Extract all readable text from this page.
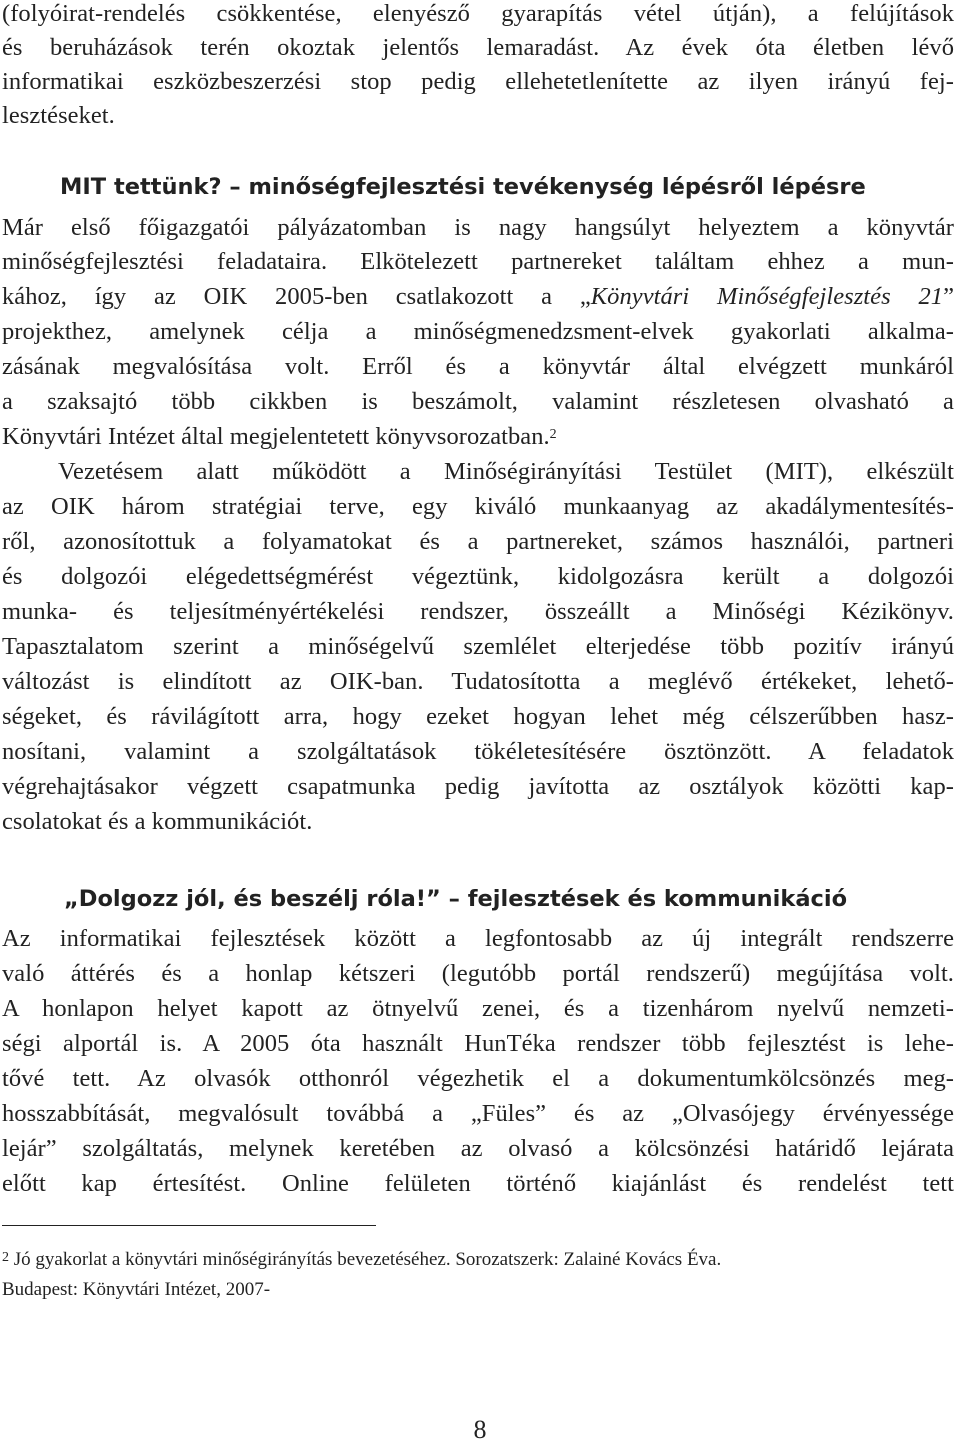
(folyóirat-rendelés csökkentése, elenyésző gyarapítás vétel útján), a felújítások
és beruházások terén okoztak jelentős lemaradást. Az évek óta életben lévő
informatikai eszközbeszerzési stop pedig ellehetetlenítette az ilyen irányú fej-
lesztéseket.
MIT tettünk? – minőségfejlesztési tevékenység lépésről lépésre
Már első főigazgatói pályázatomban is nagy hangsúlyt helyeztem a könyvtár
minőségfejlesztési feladataira. Elkötelezett partnereket találtam ehhez a mun-
kához, így az OIK 2005-ben csatlakozott a „Könyvtári Minőségfejlesztés 21”
projekthez, amelynek célja a minőségmenedzsment-elvek gyakorlati alkalma-
zásának megvalósítása volt. Erről és a könyvtár által elvégzett munkáról
a szaksajtó több cikkben is beszámolt, valamint részletesen olvasható a
Könyvtári Intézet által megjelentetett könyvsorozatban.$^2$
Vezetésem alatt működött a Minőségirányítási Testület (MIT), elkészült
az OIK három stratégiai terve, egy kiváló munkaanyag az akadálymentesítés-
ről, azonosítottuk a folyamatokat és a partnereket, számos használói, partneri
és dolgozói elégedettségmérést végeztünk, kidolgozásra került a dolgozói
munka- és teljesítményértékelési rendszer, összeállt a Minőségi Kézikönyv.
Tapasztalatom szerint a minőségelvű szemlélet elterjedése több pozitív irányú
változást is elindított az OIK-ban. Tudatosította a meglévő értékeket, lehető-
ségeket, és rávilágított arra, hogy ezeket hogyan lehet még célszerűbben hasz-
nosítani, valamint a szolgáltatások tökéletesítésére ösztönzött. A feladatok
végrehajtásakor végzett csapatmunka pedig javította az osztályok közötti kap-
csolatokat és a kommunikációt.
„Dolgozz jól, és beszélj róla!” – fejlesztések és kommunikáció
Az informatikai fejlesztések között a legfontosabb az új integrált rendszerre
való áttérés és a honlap kétszeri (legutóbb portál rendszerű) megújítása volt.
A honlapon helyet kapott az ötnyelvű zenei, és a tizenhárom nyelvű nemzeti-
ségi alportál is. A 2005 óta használt HunTéka rendszer több fejlesztést is lehe-
tővé tett. Az olvasók otthonról végezhetik el a dokumentumkölcsönzés meg-
hosszabbítását, megvalósult továbbá a „Füles” és az „Olvasójegy érvényessége
lejár” szolgáltatás, melynek keretében az olvasó a kölcsönzési határidő lejárata
előtt kap értesítést. Online felületen történő kiajánlást és rendelést tett
$^2$ Jó gyakorlat a könyvtári minőségirányítás bevezetéséhez. Sorozatszerk: Zalainé Kovács Éva.
Budapest: Könyvtári Intézet, 2007-
8
